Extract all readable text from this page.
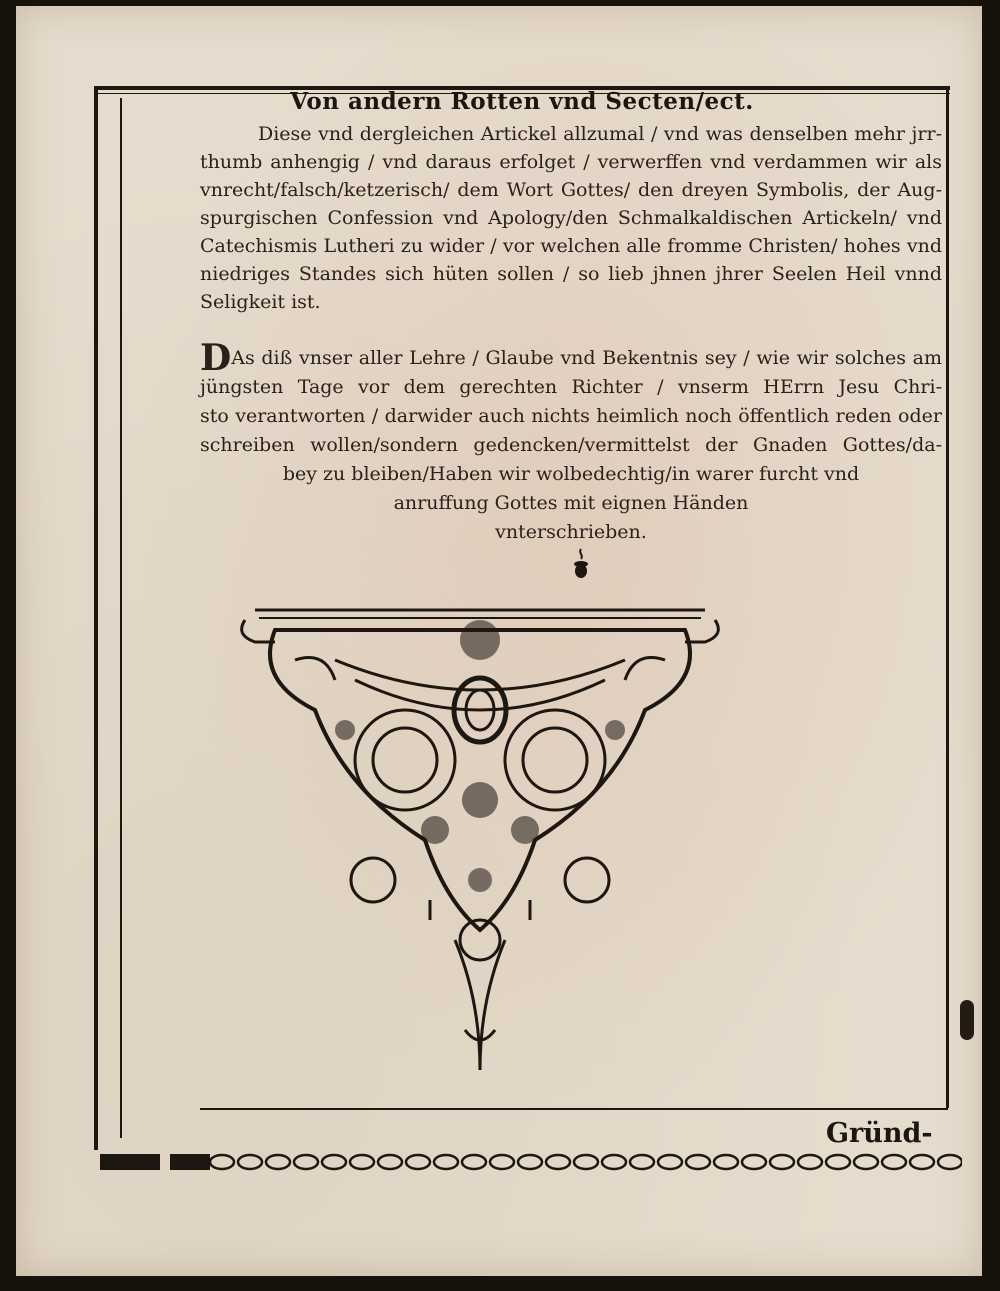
Von andern Rotten vnd Secten/ect.
Diese vnd dergleichen Artickel allzumal / vnd was denselben mehr jrr-
thumb anhengig / vnd daraus erfolget / verwerffen vnd verdammen wir als
vnrecht/falsch/ketzerisch/ dem Wort Gottes/ den dreyen Symbolis, der Aug-
spurgischen Confession vnd Apology/den Schmalkaldischen Artickeln/ vnd
Catechismis Lutheri zu wider / vor welchen alle fromme Christen/ hohes vnd
niedriges Standes sich hüten sollen / so lieb jhnen jhrer Seelen Heil vnnd
Seligkeit ist.
DAs diß vnser aller Lehre / Glaube vnd Bekentnis sey / wie wir solches am
jüngsten Tage vor dem gerechten Richter / vnserm HErrn Jesu Chri-
sto verantworten / darwider auch nichts heimlich noch öffentlich reden oder
schreiben wollen/sondern gedencken/vermittelst der Gnaden Gottes/da-
bey zu bleiben/Haben wir wolbedechtig/in warer furcht vnd
anruffung Gottes mit eignen Händen
vnterschrieben.
Gründ-
